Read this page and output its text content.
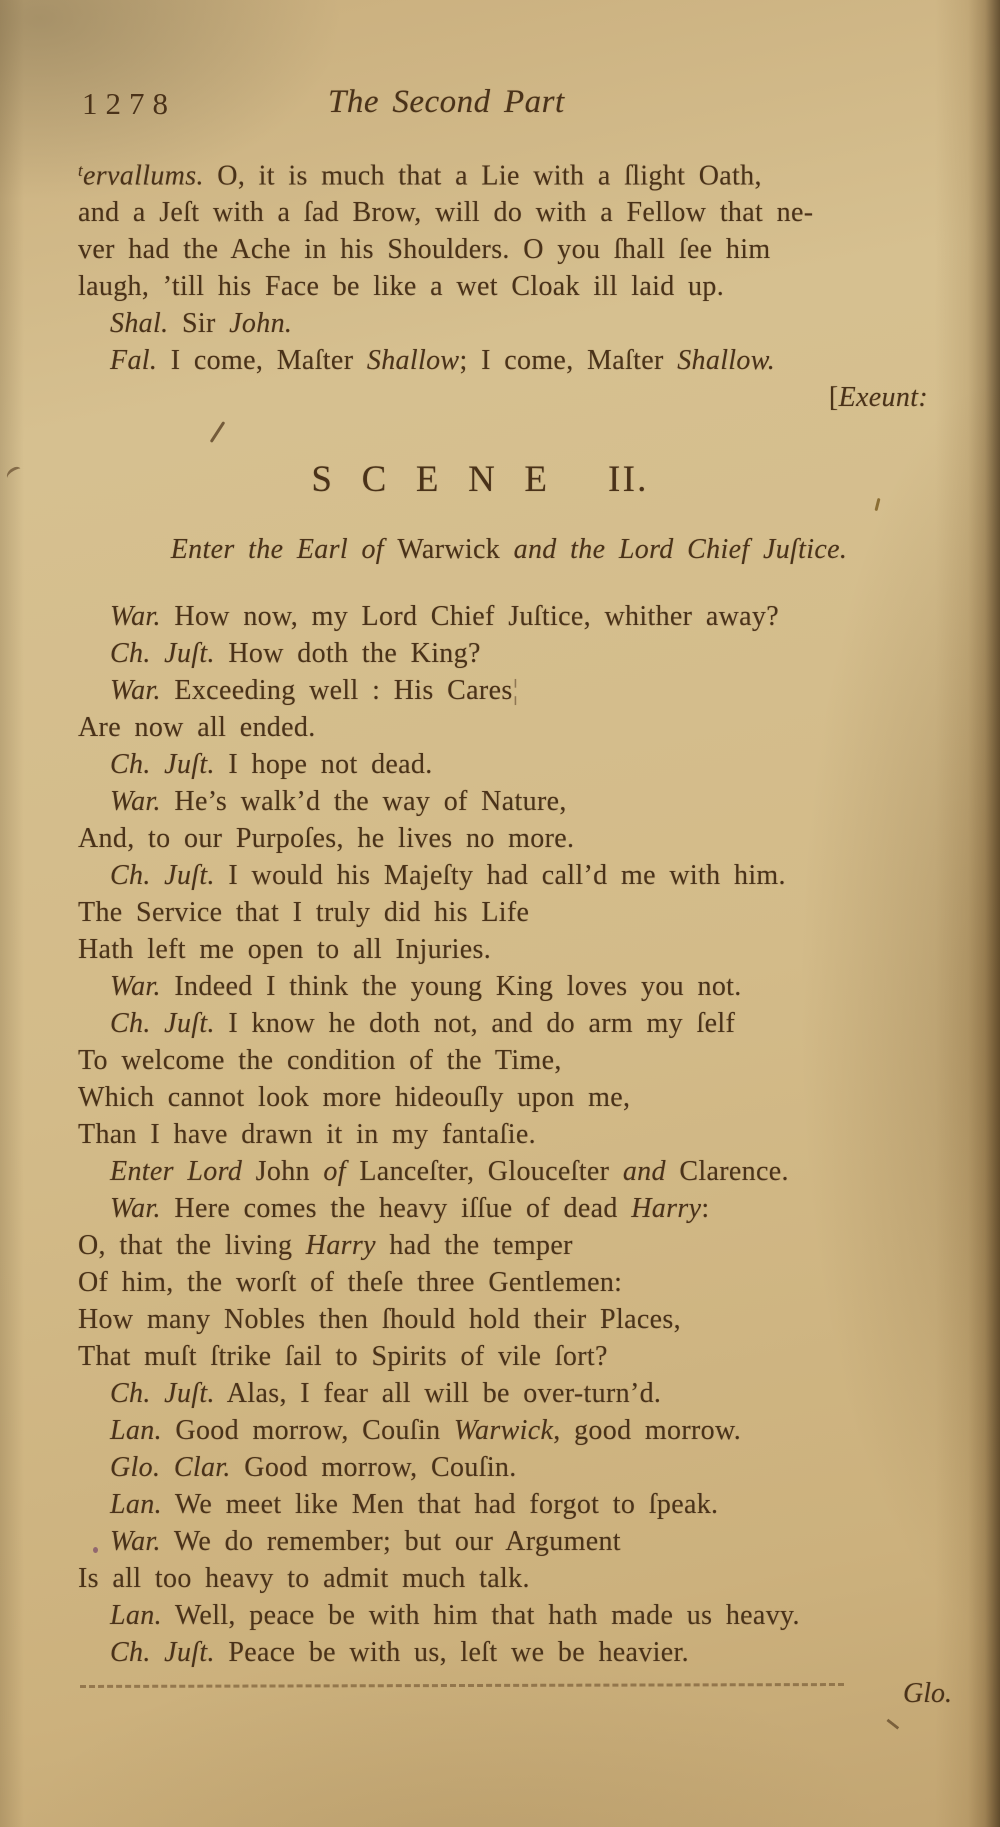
1278	The Second Part
$^t$ervallums. O, it is much that a Lie with a ſlight Oath,
and a Jeſt with a ſad Brow, will do with a Fellow that ne-
ver had the Ache in his Shoulders. O you ſhall ſee him
laugh, ’till his Face be like a wet Cloak ill laid up.
Shal. Sir John.
Fal. I come, Maſter Shallow; I come, Maſter Shallow.
[Exeunt:
SCENE II.
Enter the Earl of Warwick and the Lord Chief Juſtice.
War. How now, my Lord Chief Juſtice, whither away?
Ch. Juſt. How doth the King?
War. Exceeding well : His Cares¦
Are now all ended.
Ch. Juſt. I hope not dead.
War. He’s walk’d the way of Nature,
And, to our Purpoſes, he lives no more.
Ch. Juſt. I would his Majeſty had call’d me with him.
The Service that I truly did his Life
Hath left me open to all Injuries.
War. Indeed I think the young King loves you not.
Ch. Juſt. I know he doth not, and do arm my ſelf
To welcome the condition of the Time,
Which cannot look more hideouſly upon me,
Than I have drawn it in my fantaſie.
Enter Lord John of Lanceſter, Glouceſter and Clarence.
War. Here comes the heavy iſſue of dead Harry:
O, that the living Harry had the temper
Of him, the worſt of theſe three Gentlemen:
How many Nobles then ſhould hold their Places,
That muſt ſtrike ſail to Spirits of vile ſort?
Ch. Juſt. Alas, I fear all will be over-turn’d.
Lan. Good morrow, Couſin Warwick, good morrow.
Glo. Clar. Good morrow, Couſin.
Lan. We meet like Men that had forgot to ſpeak.
War. We do remember; but our Argument
Is all too heavy to admit much talk.
Lan. Well, peace be with him that hath made us heavy.
Ch. Juſt. Peace be with us, leſt we be heavier.
Glo.
